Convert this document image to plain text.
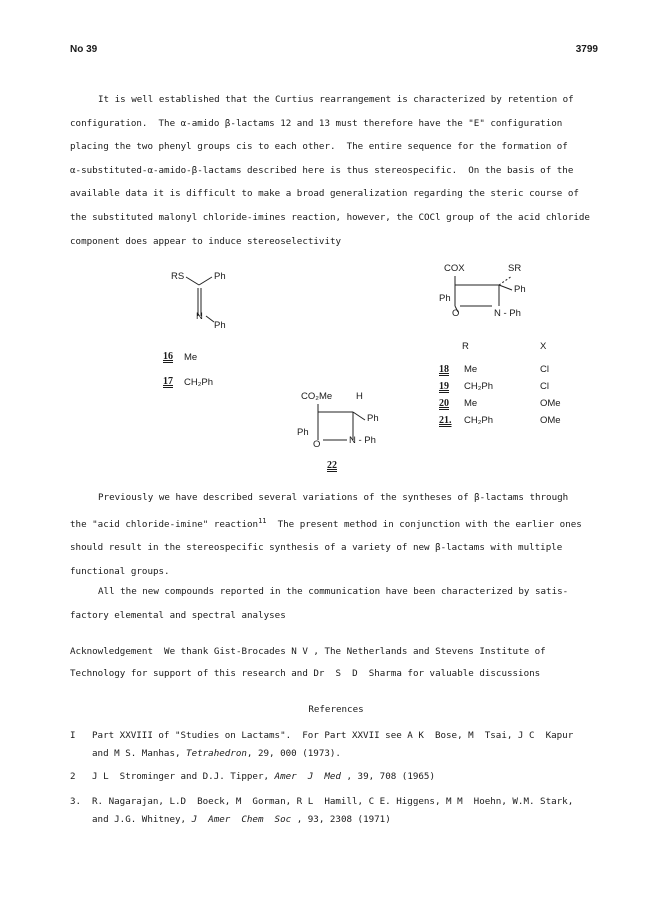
No 39	3799
It is well established that the Curtius rearrangement is characterized by retention of
configuration.  The α-amido β-lactams 12 and 13 must therefore have the "E" configuration
placing the two phenyl groups cis to each other.  The entire sequence for the formation of
α-substituted-α-amido-β-lactams described here is thus stereospecific.  On the basis of the
available data it is difficult to make a broad generalization regarding the steric course of
the substituted malonyl chloride-imines reaction, however, the COCl group of the acid chloride
component does appear to induce stereoselectivity
RS	Ph
N
Ph
16 Me
17 CH₂Ph
COX	SR
Ph
Ph
O	N - Ph
R	X
18 Me	Cl
19 CH₂Ph	Cl
20 Me	OMe
21. CH₂Ph	OMe
CO₂Me	H
Ph
Ph
O	N - Ph
22
Previously we have described several variations of the syntheses of β-lactams through
the "acid chloride-imine" reaction$^{11}$  The present method in conjunction with the earlier ones
should result in the stereospecific synthesis of a variety of new β-lactams with multiple
functional groups.
All the new compounds reported in the communication have been characterized by satis-
factory elemental and spectral analyses
Acknowledgement  We thank Gist-Brocades N V , The Netherlands and Stevens Institute of
Technology for support of this research and Dr  S  D  Sharma for valuable discussions
References
I Part XXVIII of "Studies on Lactams".  For Part XXVII see A K  Bose, M  Tsai, J C  Kapur
and M S. Manhas, Tetrahedron, 29, 000 (1973).
2 J L  Strominger and D.J. Tipper, Amer  J  Med , 39, 708 (1965)
3. R. Nagarajan, L.D  Boeck, M  Gorman, R L  Hamill, C E. Higgens, M M  Hoehn, W.M. Stark,
and J.G. Whitney, J  Amer  Chem  Soc , 93, 2308 (1971)
